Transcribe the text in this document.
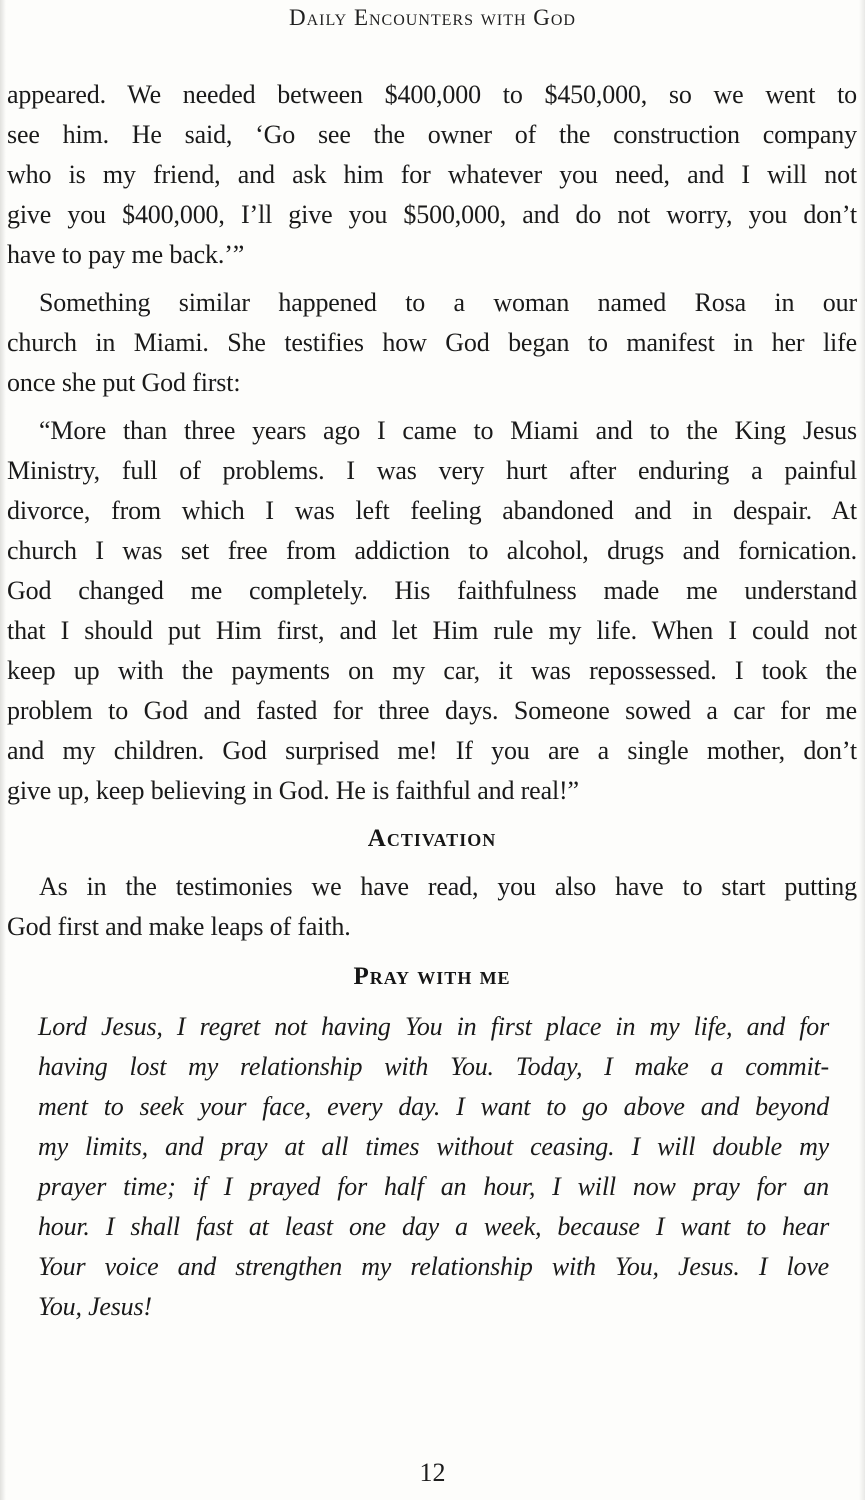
Daily Encounters with God
appeared. We needed between $400,000 to $450,000, so we went to
see him. He said, ‘Go see the owner of the construction company
who is my friend, and ask him for whatever you need, and I will not
give you $400,000, I’ll give you $500,000, and do not worry, you don’t
have to pay me back.’”
Something similar happened to a woman named Rosa in our
church in Miami. She testifies how God began to manifest in her life
once she put God first:
“More than three years ago I came to Miami and to the King Jesus
Ministry, full of problems. I was very hurt after enduring a painful
divorce, from which I was left feeling abandoned and in despair. At
church I was set free from addiction to alcohol, drugs and fornication.
God changed me completely. His faithfulness made me understand
that I should put Him first, and let Him rule my life. When I could not
keep up with the payments on my car, it was repossessed. I took the
problem to God and fasted for three days. Someone sowed a car for me
and my children. God surprised me! If you are a single mother, don’t
give up, keep believing in God. He is faithful and real!”
Activation
As in the testimonies we have read, you also have to start putting
God first and make leaps of faith.
Pray with me
Lord Jesus, I regret not having You in first place in my life, and for
having lost my relationship with You. Today, I make a commit-
ment to seek your face, every day. I want to go above and beyond
my limits, and pray at all times without ceasing. I will double my
prayer time; if I prayed for half an hour, I will now pray for an
hour. I shall fast at least one day a week, because I want to hear
Your voice and strengthen my relationship with You, Jesus. I love
You, Jesus!
12
